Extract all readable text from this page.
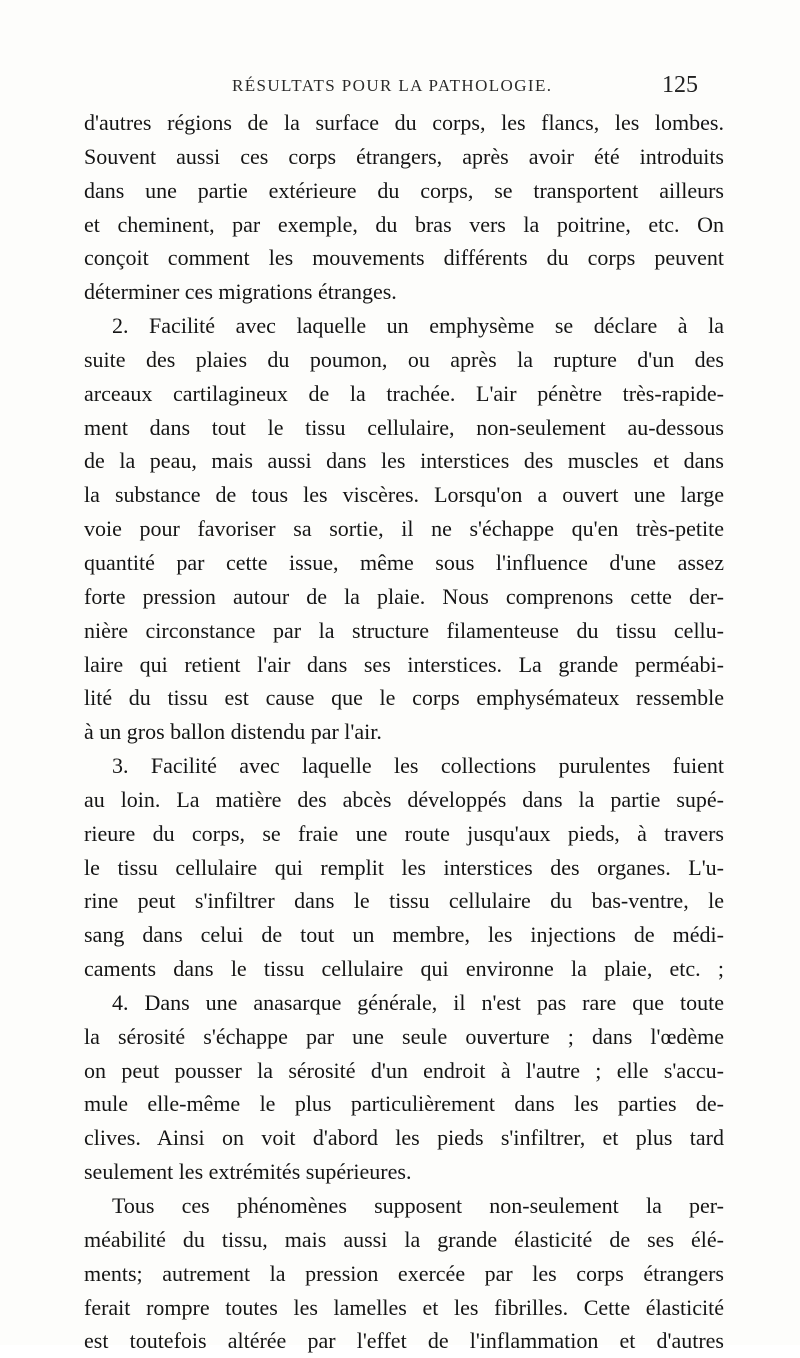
RÉSULTATS POUR LA PATHOLOGIE.	125
d'autres régions de la surface du corps, les flancs, les lombes.
Souvent aussi ces corps étrangers, après avoir été introduits
dans une partie extérieure du corps, se transportent ailleurs
et cheminent, par exemple, du bras vers la poitrine, etc. On
conçoit comment les mouvements différents du corps peuvent
déterminer ces migrations étranges.
2. Facilité avec laquelle un emphysème se déclare à la
suite des plaies du poumon, ou après la rupture d'un des
arceaux cartilagineux de la trachée. L'air pénètre très-rapide-
ment dans tout le tissu cellulaire, non-seulement au-dessous
de la peau, mais aussi dans les interstices des muscles et dans
la substance de tous les viscères. Lorsqu'on a ouvert une large
voie pour favoriser sa sortie, il ne s'échappe qu'en très-petite
quantité par cette issue, même sous l'influence d'une assez
forte pression autour de la plaie. Nous comprenons cette der-
nière circonstance par la structure filamenteuse du tissu cellu-
laire qui retient l'air dans ses interstices. La grande perméabi-
lité du tissu est cause que le corps emphysémateux ressemble
à un gros ballon distendu par l'air.
3. Facilité avec laquelle les collections purulentes fuient
au loin. La matière des abcès développés dans la partie supé-
rieure du corps, se fraie une route jusqu'aux pieds, à travers
le tissu cellulaire qui remplit les interstices des organes. L'u-
rine peut s'infiltrer dans le tissu cellulaire du bas-ventre, le
sang dans celui de tout un membre, les injections de médi-
caments dans le tissu cellulaire qui environne la plaie, etc. ;
4. Dans une anasarque générale, il n'est pas rare que toute
la sérosité s'échappe par une seule ouverture ; dans l'œdème
on peut pousser la sérosité d'un endroit à l'autre ; elle s'accu-
mule elle-même le plus particulièrement dans les parties de-
clives. Ainsi on voit d'abord les pieds s'infiltrer, et plus tard
seulement les extrémités supérieures.
Tous ces phénomènes supposent non-seulement la per-
méabilité du tissu, mais aussi la grande élasticité de ses élé-
ments; autrement la pression exercée par les corps étrangers
ferait rompre toutes les lamelles et les fibrilles. Cette élasticité
est toutefois altérée par l'effet de l'inflammation et d'autres
